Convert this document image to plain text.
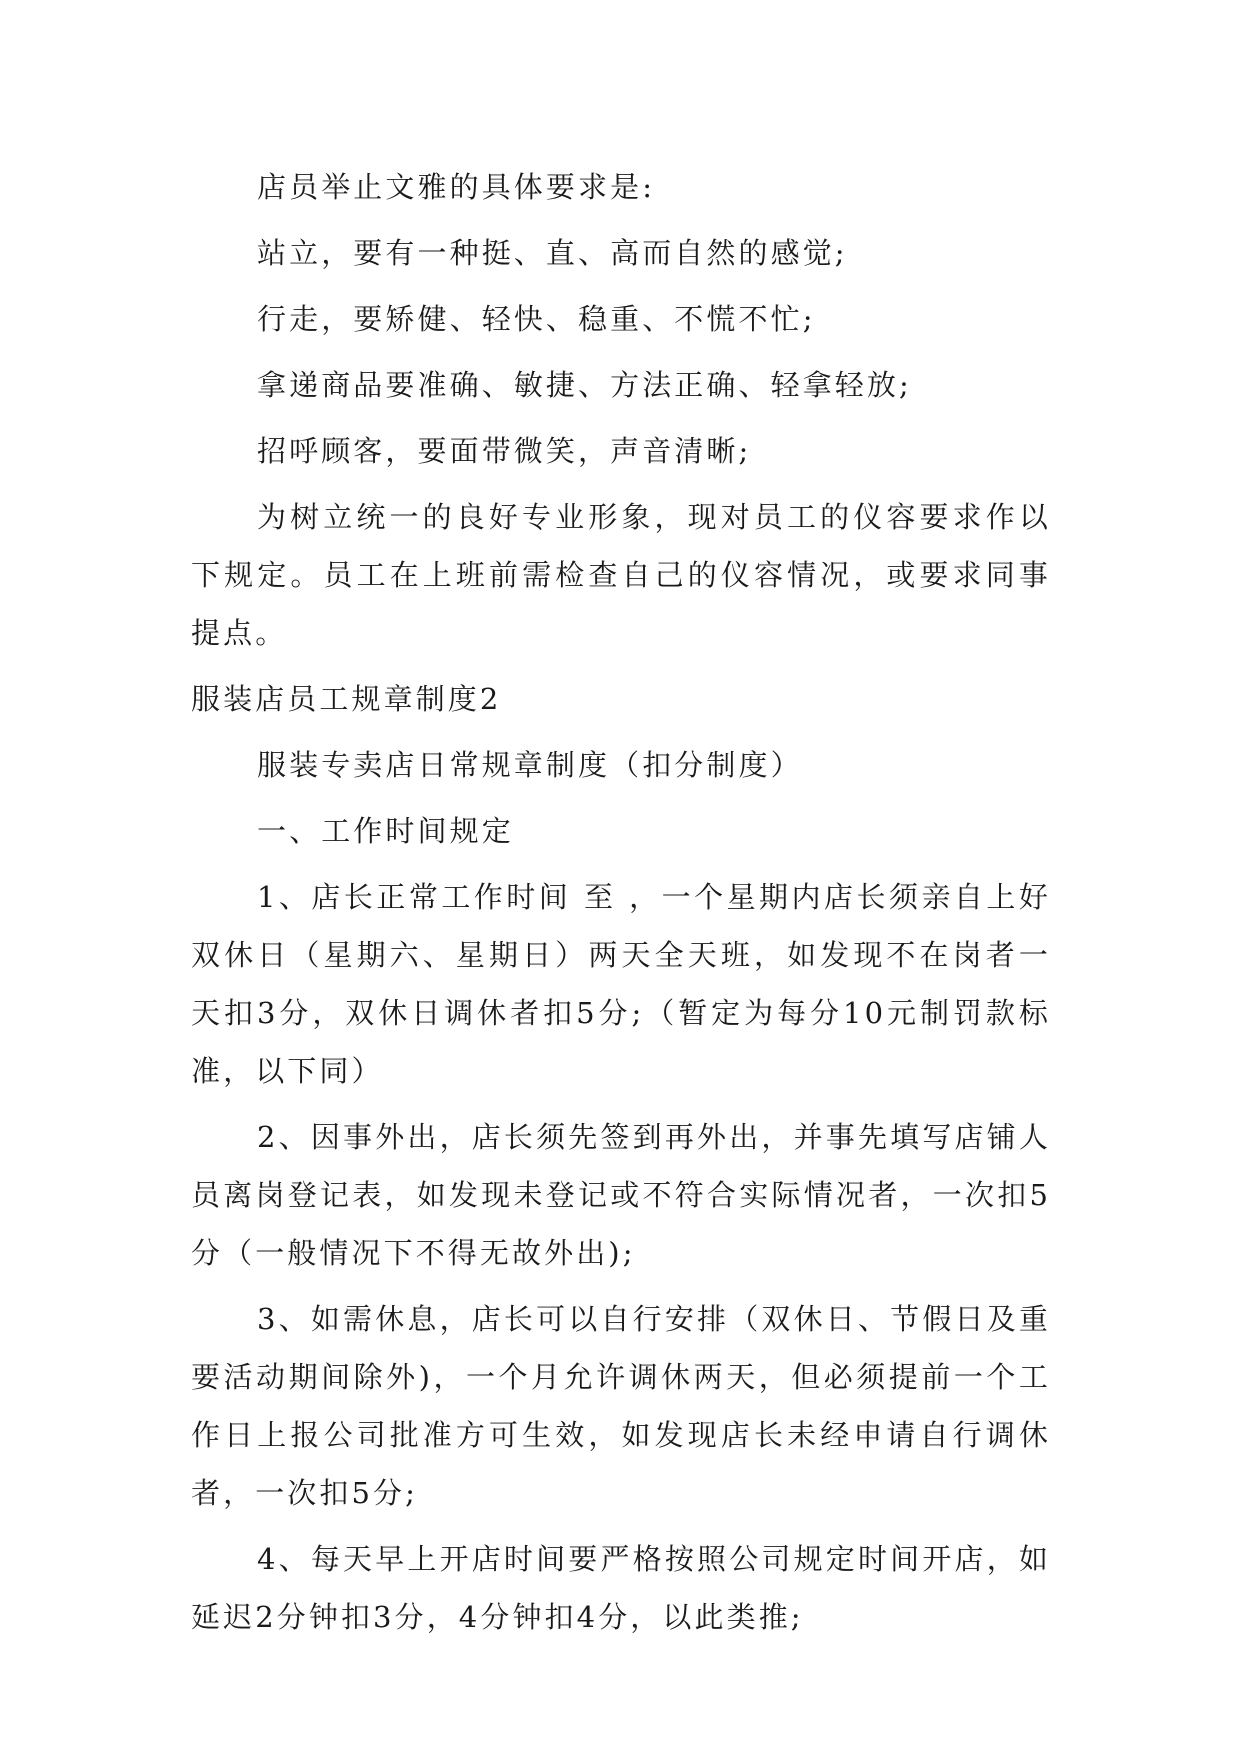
店员举止文雅的具体要求是:

站立，要有一种挺、直、高而自然的感觉;

行走，要矫健、轻快、稳重、不慌不忙;

拿递商品要准确、敏捷、方法正确、轻拿轻放;

招呼顾客，要面带微笑，声音清晰;

为树立统一的良好专业形象，现对员工的仪容要求作以下规定。员工在上班前需检查自己的仪容情况，或要求同事提点。

服装店员工规章制度2

服装专卖店日常规章制度（扣分制度）

一、工作时间规定

1、店长正常工作时间 至 ，一个星期内店长须亲自上好双休日（星期六、星期日）两天全天班，如发现不在岗者一天扣3分，双休日调休者扣5分;（暂定为每分10元制罚款标准，以下同）

2、因事外出，店长须先签到再外出，并事先填写店铺人员离岗登记表，如发现未登记或不符合实际情况者，一次扣5分（一般情况下不得无故外出);

3、如需休息，店长可以自行安排（双休日、节假日及重要活动期间除外)，一个月允许调休两天，但必须提前一个工作日上报公司批准方可生效，如发现店长未经申请自行调休者，一次扣5分;

4、每天早上开店时间要严格按照公司规定时间开店，如延迟2分钟扣3分，4分钟扣4分，以此类推;
